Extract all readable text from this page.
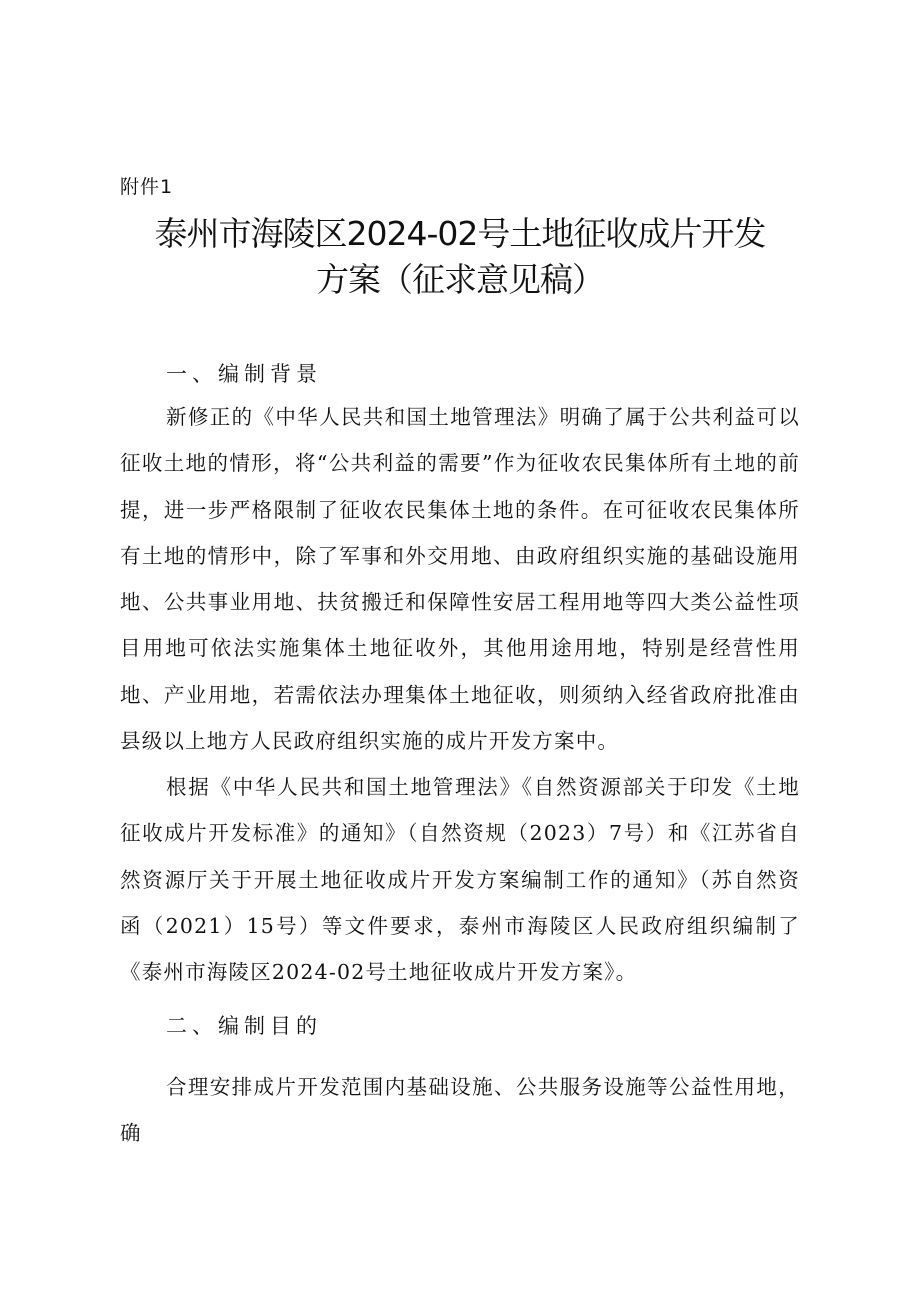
附件1
泰州市海陵区2024-02号土地征收成片开发
方案（征求意见稿）
一、编制背景
新修正的《中华人民共和国土地管理法》明确了属于公共利益可以征收土地的情形，将“公共利益的需要”作为征收农民集体所有土地的前提，进一步严格限制了征收农民集体土地的条件。在可征收农民集体所有土地的情形中，除了军事和外交用地、由政府组织实施的基础设施用地、公共事业用地、扶贫搬迁和保障性安居工程用地等四大类公益性项目用地可依法实施集体土地征收外，其他用途用地，特别是经营性用地、产业用地，若需依法办理集体土地征收，则须纳入经省政府批准由县级以上地方人民政府组织实施的成片开发方案中。
根据《中华人民共和国土地管理法》《自然资源部关于印发《土地征收成片开发标准》的通知》（自然资规（2023）7号）和《江苏省自然资源厅关于开展土地征收成片开发方案编制工作的通知》（苏自然资函（2021）15号）等文件要求，泰州市海陵区人民政府组织编制了《泰州市海陵区2024-02号土地征收成片开发方案》。
二、编制目的
合理安排成片开发范围内基础设施、公共服务设施等公益性用地，确
